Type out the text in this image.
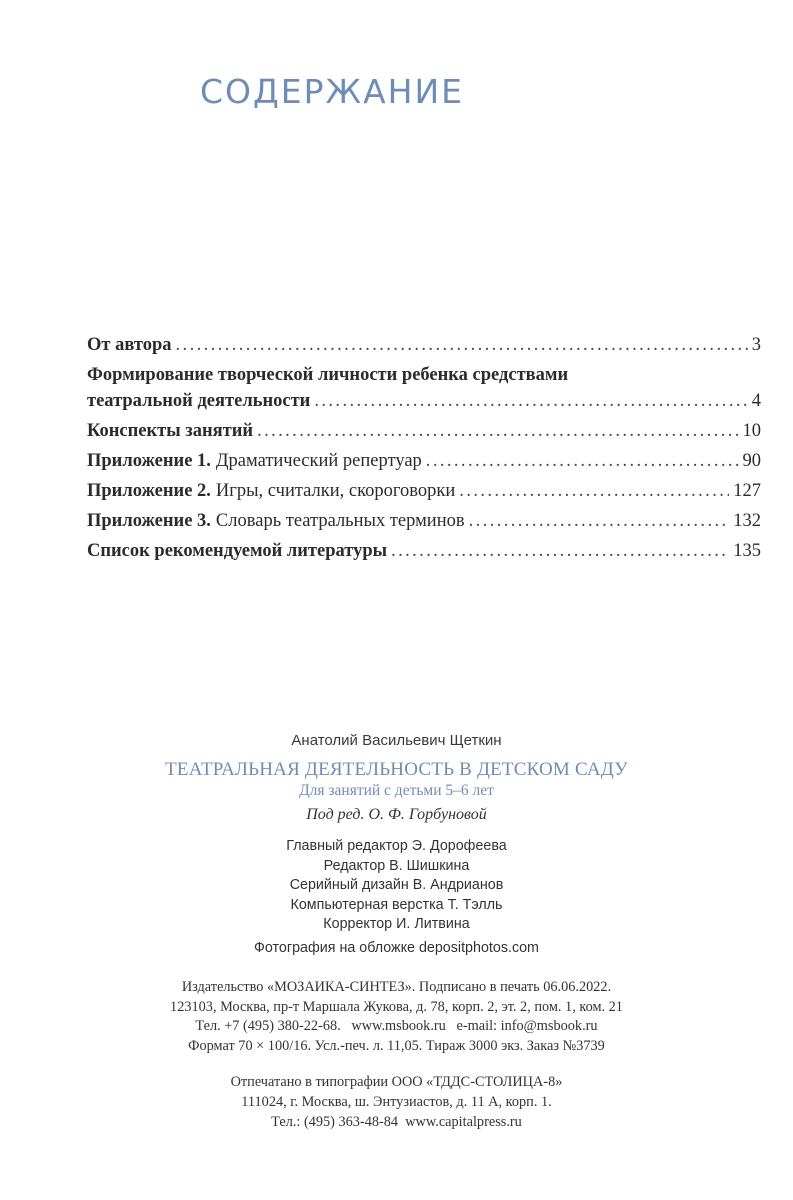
СОДЕРЖАНИЕ
От автора .....	3
Формирование творческой личности ребенка средствами
театральной деятельности .....	4
Конспекты занятий .....	10
Приложение 1. Драматический репертуар .....	90
Приложение 2. Игры, считалки, скороговорки .....	127
Приложение 3. Словарь театральных терминов .....	132
Список рекомендуемой литературы .....	135
Анатолий Васильевич Щеткин
ТЕАТРАЛЬНАЯ ДЕЯТЕЛЬНОСТЬ В ДЕТСКОМ САДУ
Для занятий с детьми 5–6 лет
Под ред. О. Ф. Горбуновой
Главный редактор Э. Дорофеева
Редактор В. Шишкина
Серийный дизайн В. Андрианов
Компьютерная верстка Т. Тэлль
Корректор И. Литвина
Фотография на обложке depositphotos.com
Издательство «МОЗАИКА-СИНТЕЗ». Подписано в печать 06.06.2022.
123103, Москва, пр-т Маршала Жукова, д. 78, корп. 2, эт. 2, пом. 1, ком. 21
Тел. +7 (495) 380-22-68.   www.msbook.ru   e-mail: info@msbook.ru
Формат 70 × 100/16. Усл.-печ. л. 11,05. Тираж 3000 экз. Заказ №3739
Отпечатано в типографии ООО «ТДДС-СТОЛИЦА-8»
111024, г. Москва, ш. Энтузиастов, д. 11 А, корп. 1.
Тел.: (495) 363-48-84  www.capitalpress.ru
